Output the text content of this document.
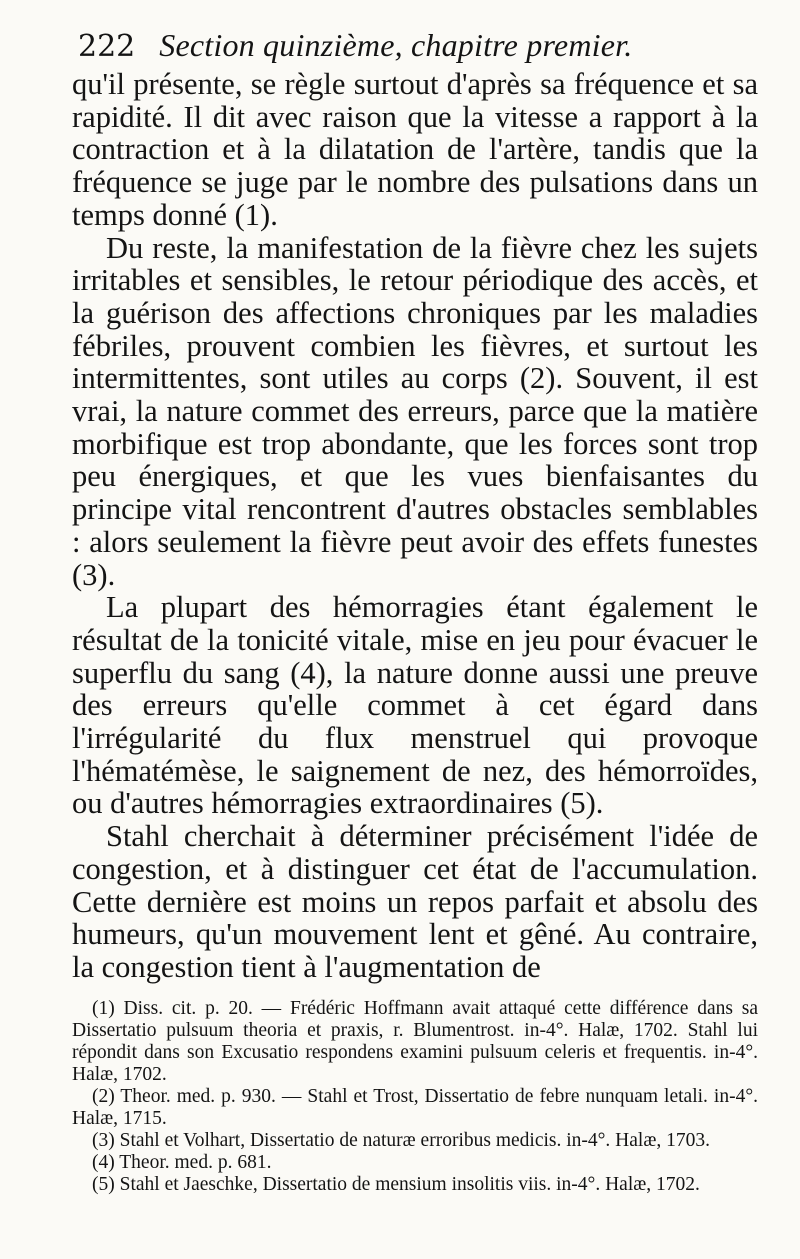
222 Section quinzième, chapitre premier.

qu'il présente, se règle surtout d'après sa fréquence et sa rapidité. Il dit avec raison que la vitesse a rapport à la contraction et à la dilatation de l'artère, tandis que la fréquence se juge par le nombre des pulsations dans un temps donné (1).

Du reste, la manifestation de la fièvre chez les sujets irritables et sensibles, le retour périodique des accès, et la guérison des affections chroniques par les maladies fébriles, prouvent combien les fièvres, et surtout les intermittentes, sont utiles au corps (2). Souvent, il est vrai, la nature commet des erreurs, parce que la matière morbifique est trop abondante, que les forces sont trop peu énergiques, et que les vues bienfaisantes du principe vital rencontrent d'autres obstacles semblables : alors seulement la fièvre peut avoir des effets funestes (3).

La plupart des hémorragies étant également le résultat de la tonicité vitale, mise en jeu pour évacuer le superflu du sang (4), la nature donne aussi une preuve des erreurs qu'elle commet à cet égard dans l'irrégularité du flux menstruel qui provoque l'hématémèse, le saignement de nez, des hémorroïdes, ou d'autres hémorragies extraordinaires (5).

Stahl cherchait à déterminer précisément l'idée de congestion, et à distinguer cet état de l'accumulation. Cette dernière est moins un repos parfait et absolu des humeurs, qu'un mouvement lent et gêné. Au contraire, la congestion tient à l'augmentation de

(1) Diss. cit. p. 20. — Frédéric Hoffmann avait attaqué cette différence dans sa Dissertatio pulsuum theoria et praxis, r. Blumentrost. in-4°. Halæ, 1702. Stahl lui répondit dans son Excusatio respondens examini pulsuum celeris et frequentis. in-4°. Halæ, 1702.

(2) Theor. med. p. 930. — Stahl et Trost, Dissertatio de febre nunquam letali. in-4°. Halæ, 1715.

(3) Stahl et Volhart, Dissertatio de naturæ erroribus medicis. in-4°. Halæ, 1703.

(4) Theor. med. p. 681.

(5) Stahl et Jaeschke, Dissertatio de mensium insolitis viis. in-4°. Halæ, 1702.
